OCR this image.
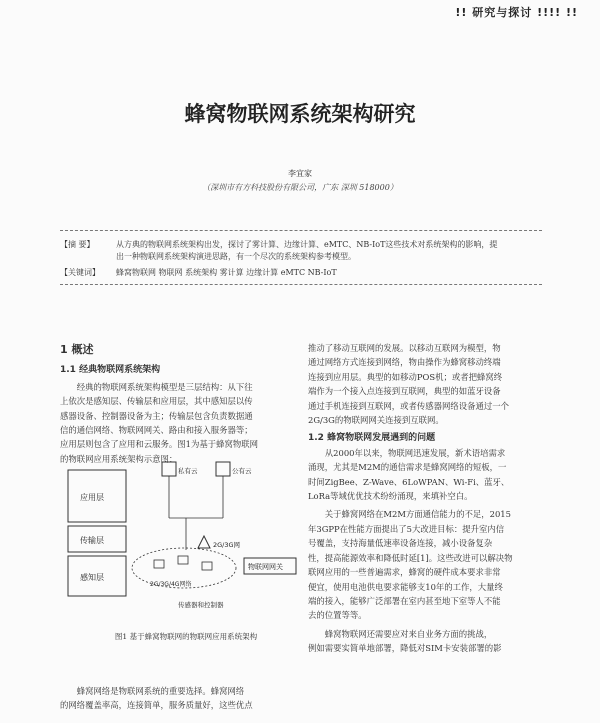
!! 研究与探讨 !!!! !!
蜂窝物联网系统架构研究
李宜家
（深圳市有方科技股份有限公司，广东 深圳 518000）
【摘 要】	从方典的物联网系统架构出发，探讨了雾计算、边缘计算、eMTC、NB-IoT这些技术对系统架构的影响，提
出一种物联网系统架构演进思路，有一个尽次的系统架构参考模型。
【关键词】	蜂窝物联网 物联网 系统架构 雾计算 边缘计算 eMTC NB-IoT
1 概述
1.1 经典物联网系统架构

经典的物联网系统架构模型是三层结构：从下往
上依次是感知层、传输层和应用层，其中感知层以传
感器设备、控制器设备为主；传输层包含负责数据通
信的通信网络、物联网网关、路由和接入服务器等；
应用层则包含了应用和云服务。图1为基于蜂窝物联网
的物联网应用系统架构示意图：

应用层
传输层
感知层
私有云	公有云
2G/3G网
2G/3G/4G网络
物联网网关
传感器和控制器
图1 基于蜂窝物联网的物联网应用系统架构

蜂窝网络是物联网系统的重要选择。蜂窝网络
的网络覆盖率高，连接简单，服务质量好，这些优点

推动了移动互联网的发展。以移动互联网为模型，物
通过网络方式连接到网络，物由操作为蜂窝移动终端
连接到应用层。典型的如移动POS机；或者把蜂窝终
端作为一个接入点连接到互联网，典型的如蓝牙设备
通过手机连接到互联网，或者传感器网络设备通过一个
2G/3G的物联网网关连接到互联网。
1.2 蜂窝物联网发展遇到的问题

从2000年以来，物联网迅速发展，新术语培需求
涌现，尤其是M2M的通信需求是蜂窝网络的短板，一
时间ZigBee、Z-Wave、6LoWPAN、Wi-Fi、蓝牙、
LoRa等域优优技术纷纷涌现，来填补空白。

关于蜂窝网络在M2M方面通信能力的不足，2015
年3GPP在性能方面提出了5大改进目标：提升室内信
号覆盖，支持海量低速率设备连接，减小设备复杂
性，提高能源效率和降低时延[1]。这些改进可以解决物
联网应用的一些普遍需求，蜂窝的硬件成本要求非常
便宜，使用电池供电要求能够支10年的工作，大量终
端的接入，能够广泛部署在室内甚至地下室等人不能
去的位置等等。

蜂窝物联网还需要应对来自业务方面的挑战，
例如需要实简单地部署，降低对SIM卡安装部署的影
